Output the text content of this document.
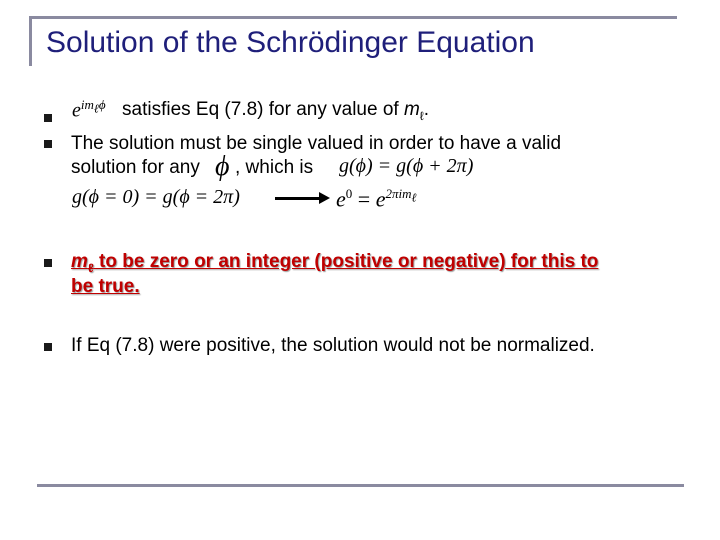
Solution of the Schrödinger Equation
$e^{im_\ell\phi}$ satisfies Eq (7.8) for any value of $m_\ell$.
The solution must be single valued in order to have a valid
solution for any ϕ , which is g(ϕ) = g(ϕ + 2π)
g(ϕ = 0) = g(ϕ = 2π)	$e^0 = e^{2\pi im_\ell}$
$m_\ell$ to be zero or an integer (positive or negative) for this to
be true.
If Eq (7.8) were positive, the solution would not be normalized.
